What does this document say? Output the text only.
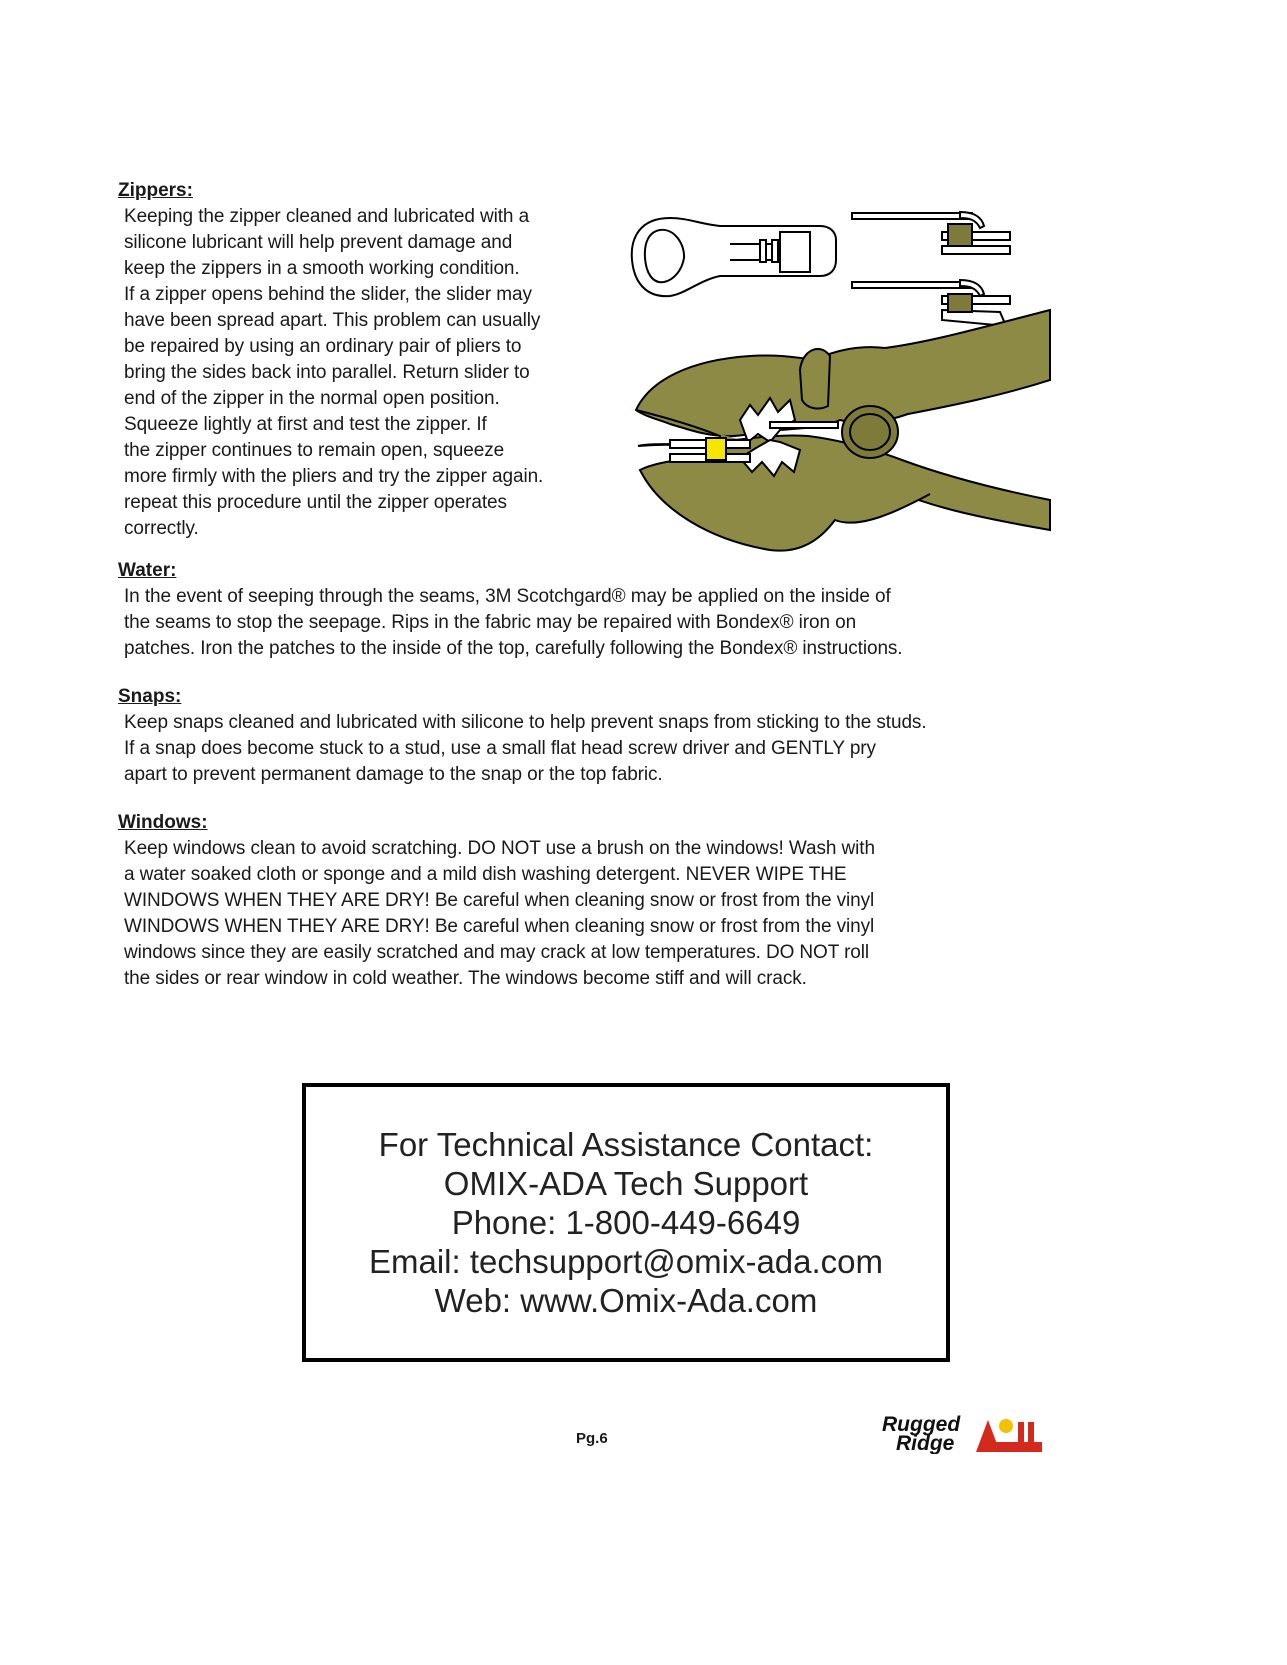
Zippers:

Keeping the zipper cleaned and lubricated with a
silicone lubricant will help prevent damage and
keep the zippers in a smooth working condition.
If a zipper opens behind the slider, the slider may
have been spread apart. This problem can usually
be repaired by using an ordinary pair of pliers to
bring the sides back into parallel. Return slider to
end of the zipper in the normal open position.
Squeeze lightly at first and test the zipper. If
the zipper continues to remain open, squeeze
more firmly with the pliers and try the zipper again.
repeat this procedure until the zipper operates
correctly.

Water:

In the event of seeping through the seams, 3M Scotchgard® may be applied on the inside of
the seams to stop the seepage. Rips in the fabric may be repaired with Bondex® iron on
patches. Iron the patches to the inside of the top, carefully following the Bondex® instructions.

Snaps:

Keep snaps cleaned and lubricated with silicone to help prevent snaps from sticking to the studs.
If a snap does become stuck to a stud, use a small flat head screw driver and GENTLY pry
apart to prevent permanent damage to the snap or the top fabric.

Windows:

Keep windows clean to avoid scratching. DO NOT use a brush on the windows! Wash with
a water soaked cloth or sponge and a mild dish washing detergent. NEVER WIPE THE
WINDOWS WHEN THEY ARE DRY! Be careful when cleaning snow or frost from the vinyl
WINDOWS WHEN THEY ARE DRY! Be careful when cleaning snow or frost from the vinyl
windows since they are easily scratched and may crack at low temperatures. DO NOT roll
the sides or rear window in cold weather. The windows become stiff and will crack.

For Technical Assistance Contact:
OMIX-ADA Tech Support
Phone: 1-800-449-6649
Email: techsupport@omix-ada.com
Web: www.Omix-Ada.com
Pg.6
Rugged
Ridge
